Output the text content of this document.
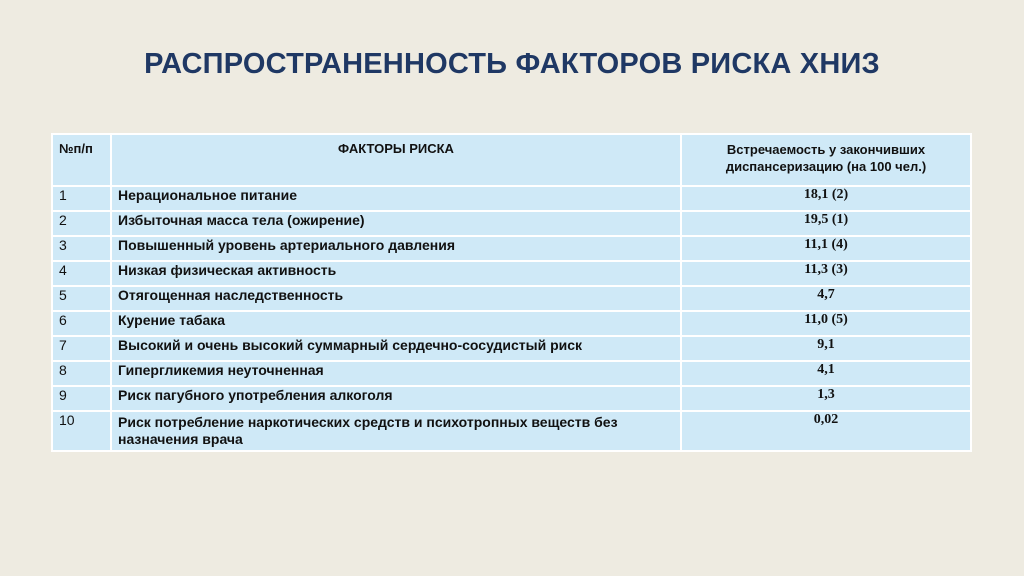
РАСПРОСТРАНЕННОСТЬ ФАКТОРОВ РИСКА ХНИЗ
№п/п	ФАКТОРЫ РИСКА	Встречаемость у закончивших диспансеризацию (на 100 чел.)
1	Нерациональное питание	18,1 (2)
2	Избыточная масса тела (ожирение)	19,5 (1)
3	Повышенный уровень артериального давления	11,1 (4)
4	Низкая физическая активность	11,3 (3)
5	Отягощенная наследственность	4,7
6	Курение табака	11,0 (5)
7	Высокий и очень высокий суммарный сердечно-сосудистый риск	9,1
8	Гипергликемия неуточненная	4,1
9	Риск пагубного употребления алкоголя	1,3
10	Риск потребление наркотических средств и психотропных веществ без назначения врача	0,02
